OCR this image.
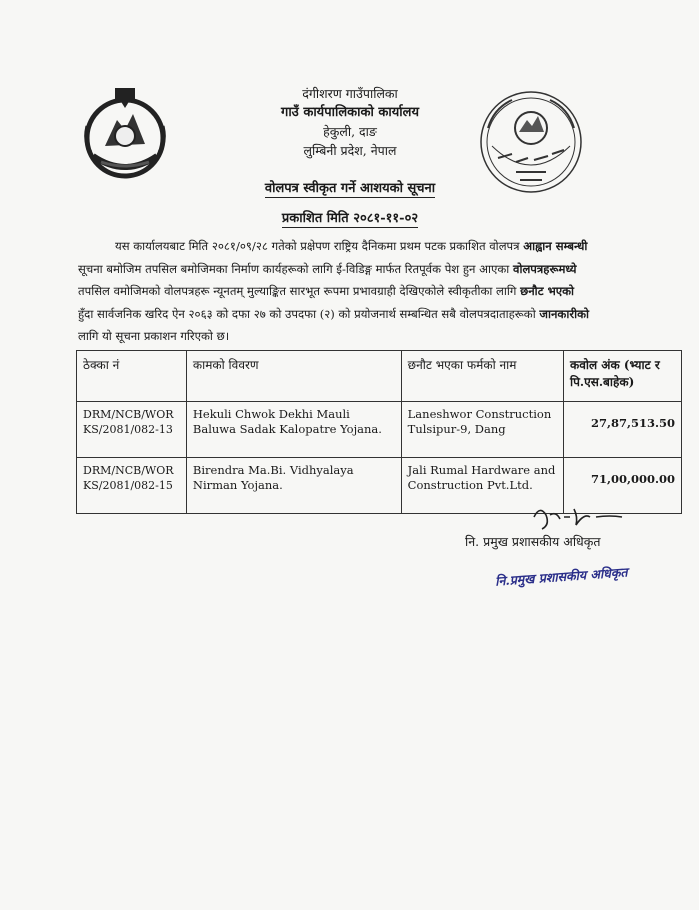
दंगीशरण गाउँपालिका
गाउँ कार्यपालिकाको कार्यालय
हेकुली, दाङ
लुम्बिनी प्रदेश, नेपाल
वोलपत्र स्वीकृत गर्ने आशयको सूचना
प्रकाशित मिति २०८१-११-०२
यस कार्यालयबाट मिति २०८१/०९/२८ गतेको प्रक्षेपण राष्ट्रिय दैनिकमा प्रथम पटक प्रकाशित वोलपत्र आह्वान सम्बन्धी
सूचना बमोजिम तपसिल बमोजिमका निर्माण कार्यहरूको लागि ई-विडिङ्ग मार्फत रितपूर्वक पेश हुन आएका वोलपत्रहरूमध्ये
तपसिल वमोजिमको वोलपत्रहरू न्यूनतम् मुल्याङ्कित सारभूत रूपमा प्रभावग्राही देखिएकोले स्वीकृतीका लागि छनौट भएको
हुँदा सार्वजनिक खरिद ऐन २०६३ को दफा २७ को उपदफा (२) को प्रयोजनार्थ सम्बन्धित सबै वोलपत्रदाताहरूको जानकारीको
लागि यो सूचना प्रकाशन गरिएको छ।
ठेक्का नं	कामको विवरण	छनौट भएका फर्मको नाम	कवोल अंक (भ्याट र पि.एस.बाहेक)
DRM/NCB/WORKS/2081/082-13	Hekuli Chwok Dekhi Mauli Baluwa Sadak Kalopatre Yojana.	Laneshwor Construction Tulsipur-9, Dang	27,87,513.50
DRM/NCB/WORKS/2081/082-15	Birendra Ma.Bi. Vidhyalaya Nirman Yojana.	Jali Rumal Hardware and Construction Pvt.Ltd.	71,00,000.00
नि. प्रमुख प्रशासकीय अधिकृत
नि.प्रमुख प्रशासकीय अधिकृत
